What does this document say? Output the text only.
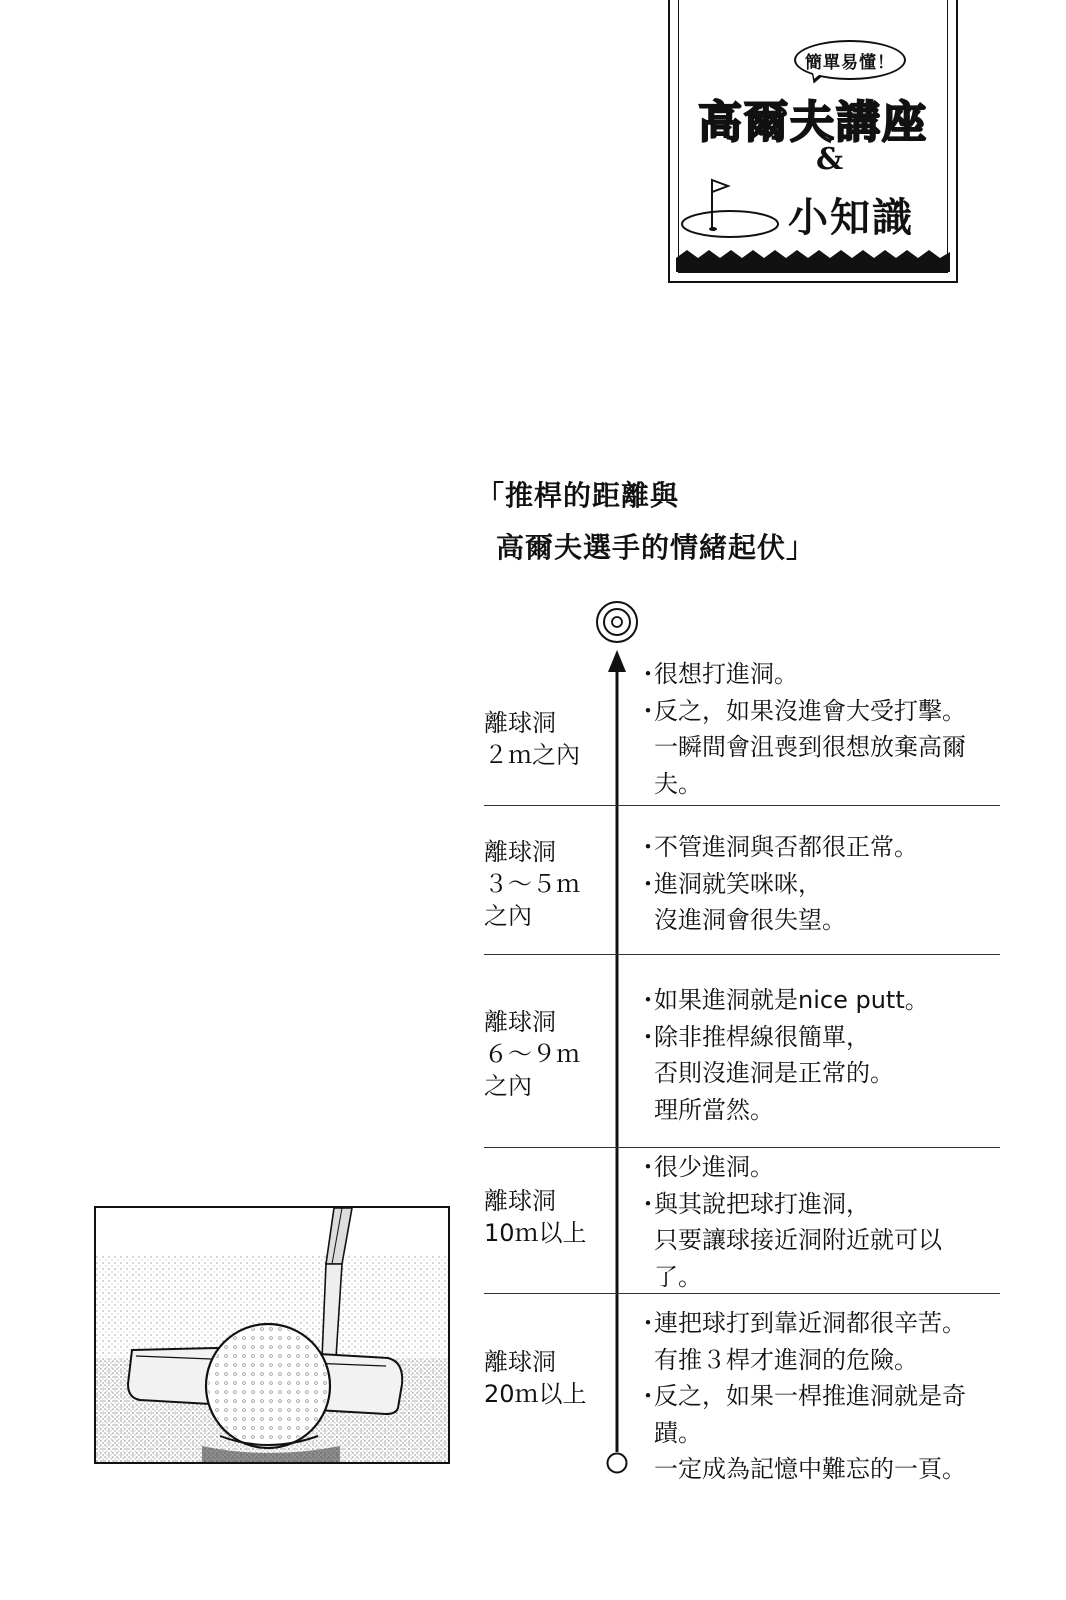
簡單易懂！
高爾夫講座
&
小知識
「推桿的距離與
高爾夫選手的情緒起伏」
離球洞
２ｍ之內
・很想打進洞。
・反之，如果沒進會大受打擊。
一瞬間會沮喪到很想放棄高爾
夫。
離球洞
３～５ｍ
之內
・不管進洞與否都很正常。
・進洞就笑咪咪，
沒進洞會很失望。
離球洞
６～９ｍ
之內
・如果進洞就是nice putt。
・除非推桿線很簡單，
否則沒進洞是正常的。
理所當然。
離球洞
10ｍ以上
・很少進洞。
・與其說把球打進洞，
只要讓球接近洞附近就可以
了。
離球洞
20ｍ以上
・連把球打到靠近洞都很辛苦。
有推３桿才進洞的危險。
・反之，如果一桿推進洞就是奇
蹟。
一定成為記憶中難忘的一頁。
